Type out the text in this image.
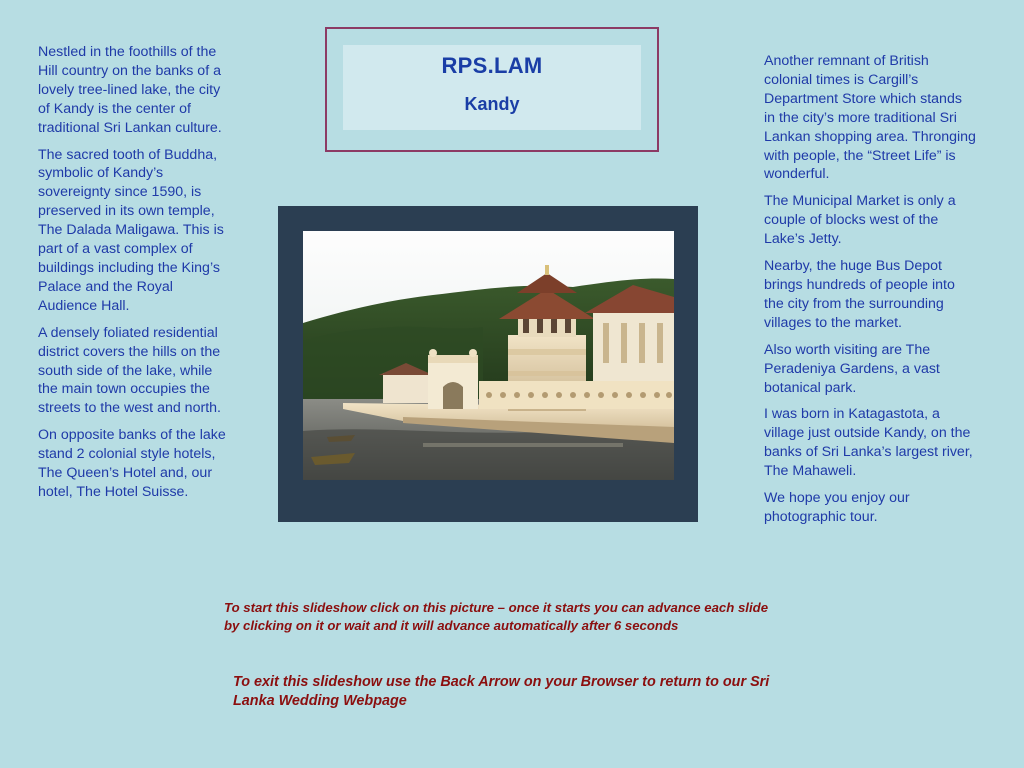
Nestled in the foothills of the Hill country on the banks of a lovely tree-lined lake, the city of Kandy is the center of traditional Sri Lankan culture.

The sacred tooth of Buddha, symbolic of Kandy’s sovereignty since 1590, is preserved in its own temple, The Dalada Maligawa. This is part of a vast complex of buildings including the King’s Palace and the Royal Audience Hall.

A densely foliated residential district covers the hills on the south side of the lake, while the main town occupies the streets to the west and north.

On opposite banks of the lake stand 2 colonial style hotels, The Queen’s Hotel and, our hotel, The Hotel Suisse.

RPS.LAM
Kandy

Another remnant of British colonial times is Cargill’s Department Store which stands in the city’s more traditional Sri Lankan shopping area. Thronging with people, the “Street Life” is wonderful.

The Municipal Market is only a couple of blocks west of the Lake’s Jetty.

Nearby, the huge Bus Depot brings hundreds of people into the city from the surrounding villages to the market.

Also worth visiting are The Peradeniya Gardens, a vast botanical park.

I was born in Katagastota, a village just outside Kandy, on the banks of Sri Lanka’s largest river, The Mahaweli.

We hope you enjoy our photographic tour.

To start this slideshow click on this picture – once it starts you can advance each slide by clicking on it or wait and it will advance automatically after 6 seconds
To exit this slideshow use the Back Arrow on your Browser to return to our Sri Lanka Wedding Webpage
